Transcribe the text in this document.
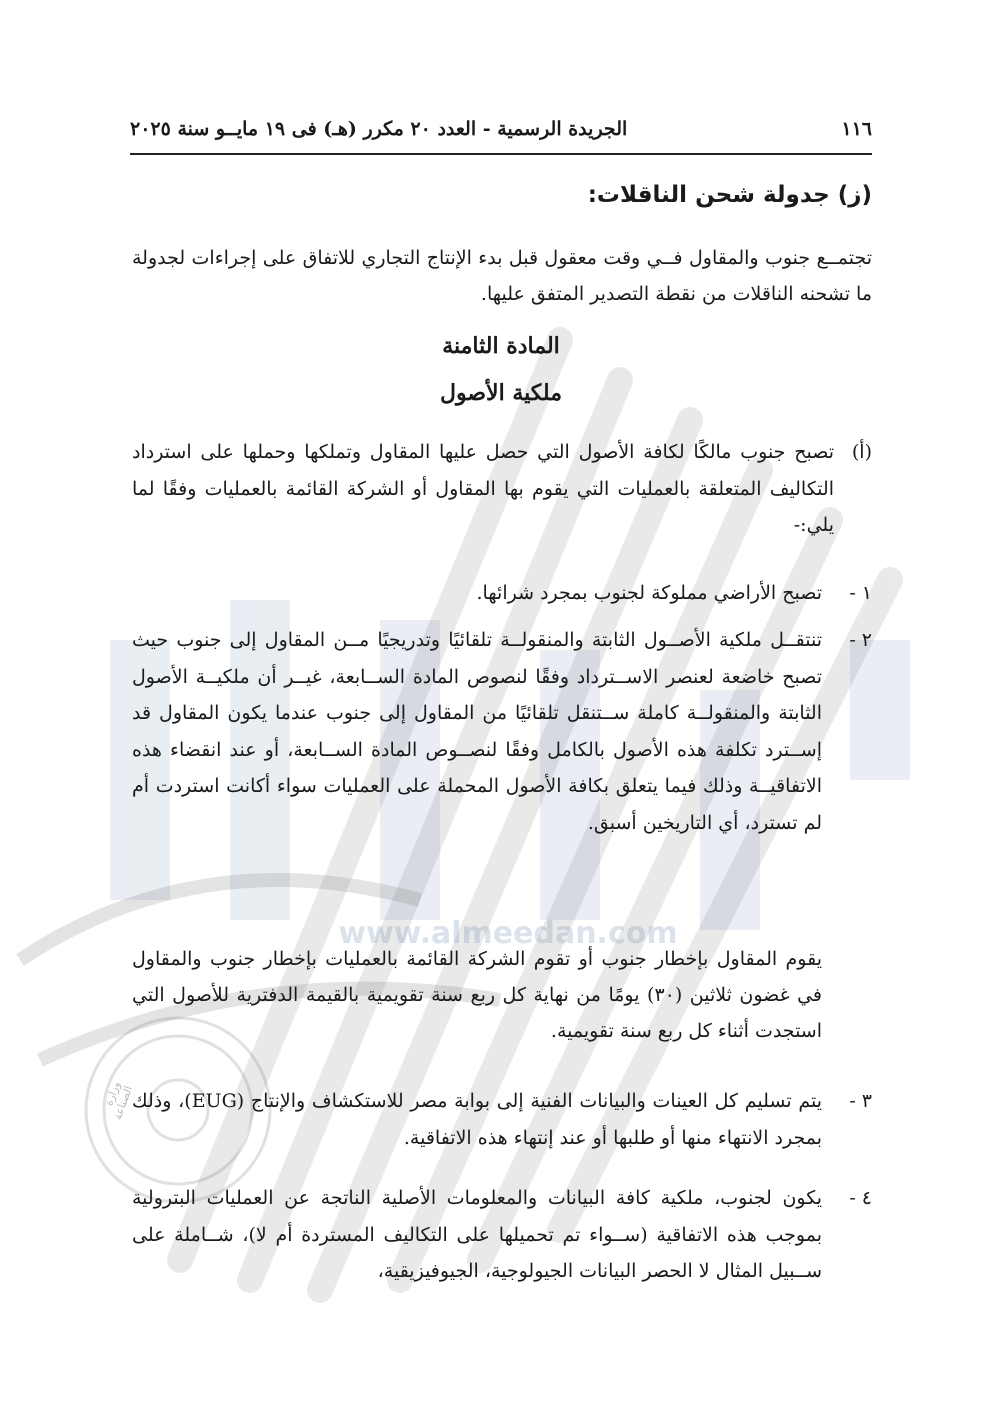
www.almeedan.com
وزارة الصناعة
١١٦
الجريدة الرسمية - العدد ٢٠ مكرر (هـ) فى ١٩ مايــو سنة ٢٠٢٥
(ز) جدولة شحن الناقلات:
تجتمــع جنوب والمقاول فــي وقت معقول قبل بدء الإنتاج التجاري للاتفاق على إجراءات لجدولة ما تشحنه الناقلات من نقطة التصدير المتفق عليها.
المادة الثامنة
ملكية الأصول
(أ)
تصبح جنوب مالكًا لكافة الأصول التي حصل عليها المقاول وتملكها وحملها على استرداد التكاليف المتعلقة بالعمليات التي يقوم بها المقاول أو الشركة القائمة بالعمليات وفقًا لما يلي:-
١ -
تصبح الأراضي مملوكة لجنوب بمجرد شرائها.
٢ -
تنتقــل ملكية الأصــول الثابتة والمنقولــة تلقائيًا وتدريجيًا مــن المقاول إلى جنوب حيث تصبح خاضعة لعنصر الاســترداد وفقًا لنصوص المادة الســابعة، غيــر أن ملكيــة الأصول الثابتة والمنقولــة كاملة ســتنقل تلقائيًا من المقاول إلى جنوب عندما يكون المقاول قد إســترد تكلفة هذه الأصول بالكامل وفقًا لنصــوص المادة الســابعة، أو عند انقضاء هذه الاتفاقيــة وذلك فيما يتعلق بكافة الأصول المحملة على العمليات سواء أكانت استردت أم لم تسترد، أي التاريخين أسبق.
يقوم المقاول بإخطار جنوب أو تقوم الشركة القائمة بالعمليات بإخطار جنوب والمقاول في غضون ثلاثين (٣٠) يومًا من نهاية كل ربع سنة تقويمية بالقيمة الدفترية للأصول التي استجدت أثناء كل ربع سنة تقويمية.
٣ -
يتم تسليم كل العينات والبيانات الفنية إلى بوابة مصر للاستكشاف والإنتاج (EUG)، وذلك بمجرد الانتهاء منها أو طلبها أو عند إنتهاء هذه الاتفاقية.
٤ -
يكون لجنوب، ملكية كافة البيانات والمعلومات الأصلية الناتجة عن العمليات البترولية بموجب هذه الاتفاقية (ســواء تم تحميلها على التكاليف المستردة أم لا)، شــاملة على ســبيل المثال لا الحصر البيانات الجيولوجية، الجيوفيزيقية،
